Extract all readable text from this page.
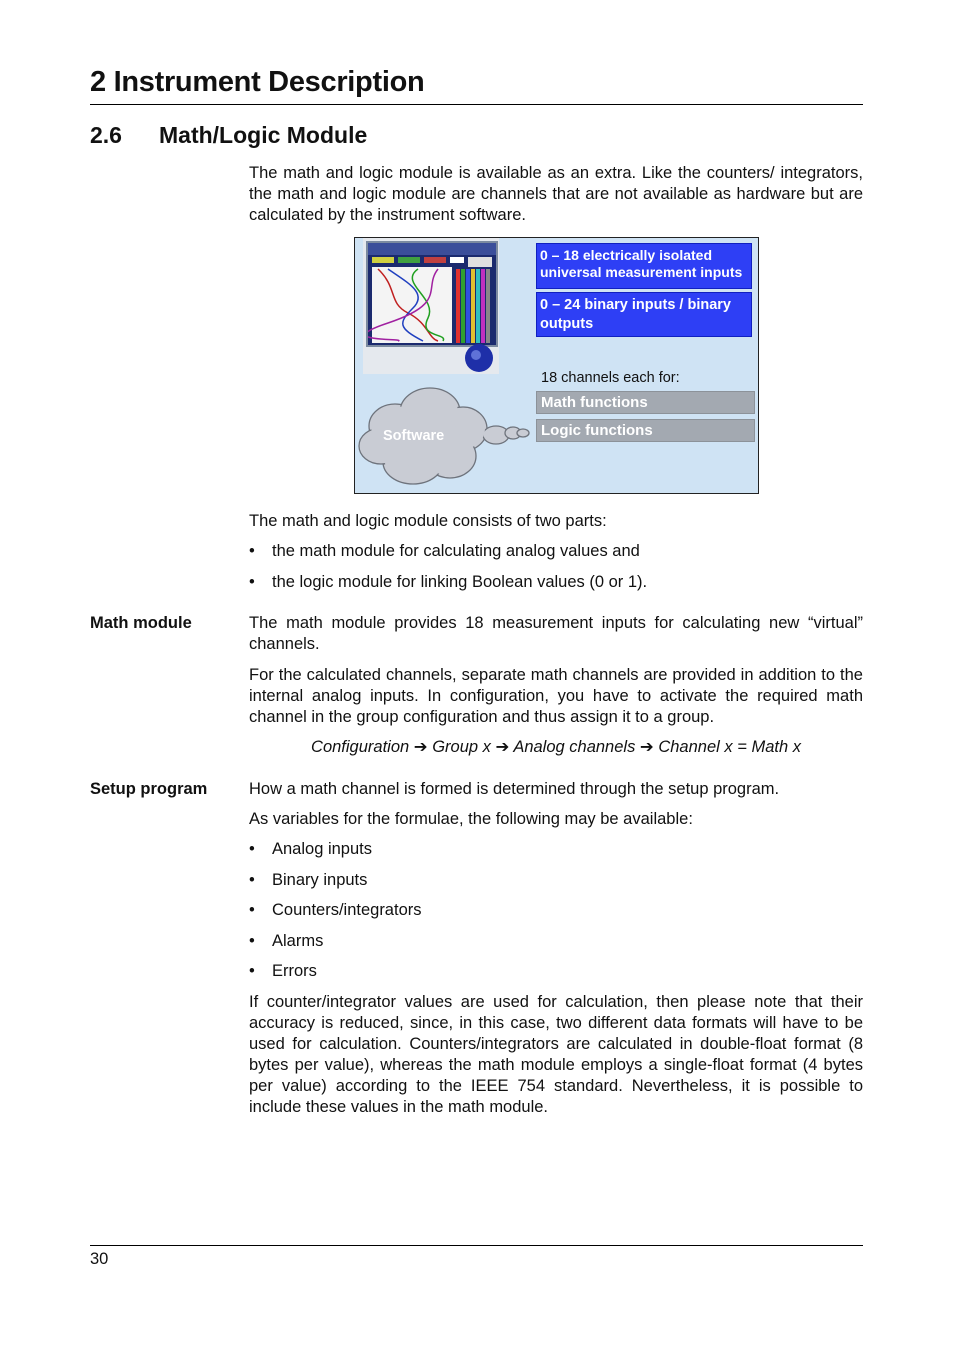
2 Instrument Description
2.6 Math/Logic Module
The math and logic module is available as an extra. Like the counters/ integrators, the math and logic module are channels that are not available as hardware but are calculated by the instrument software.
0 – 18 electrically isolated universal measurement inputs
0 – 24 binary inputs / binary outputs
18 channels each for:
Math functions
Logic functions
Software
The math and logic module consists of two parts:
• the math module for calculating analog values and
• the logic module for linking Boolean values (0 or 1).
Math module	The math module provides 18 measurement inputs for calculating new “virtual” channels.
For the calculated channels, separate math channels are provided in addition to the internal analog inputs. In configuration, you have to activate the required math channel in the group configuration and thus assign it to a group.
Configuration ➔ Group x ➔ Analog channels ➔ Channel x = Math x
Setup program	How a math channel is formed is determined through the setup program.
As variables for the formulae, the following may be available:
• Analog inputs
• Binary inputs
• Counters/integrators
• Alarms
• Errors
If counter/integrator values are used for calculation, then please note that their accuracy is reduced, since, in this case, two different data formats will have to be used for calculation. Counters/integrators are calculated in double-float format (8 bytes per value), whereas the math module employs a single-float format (4 bytes per value) according to the IEEE 754 standard. Nevertheless, it is possible to include these values in the math module.
30
